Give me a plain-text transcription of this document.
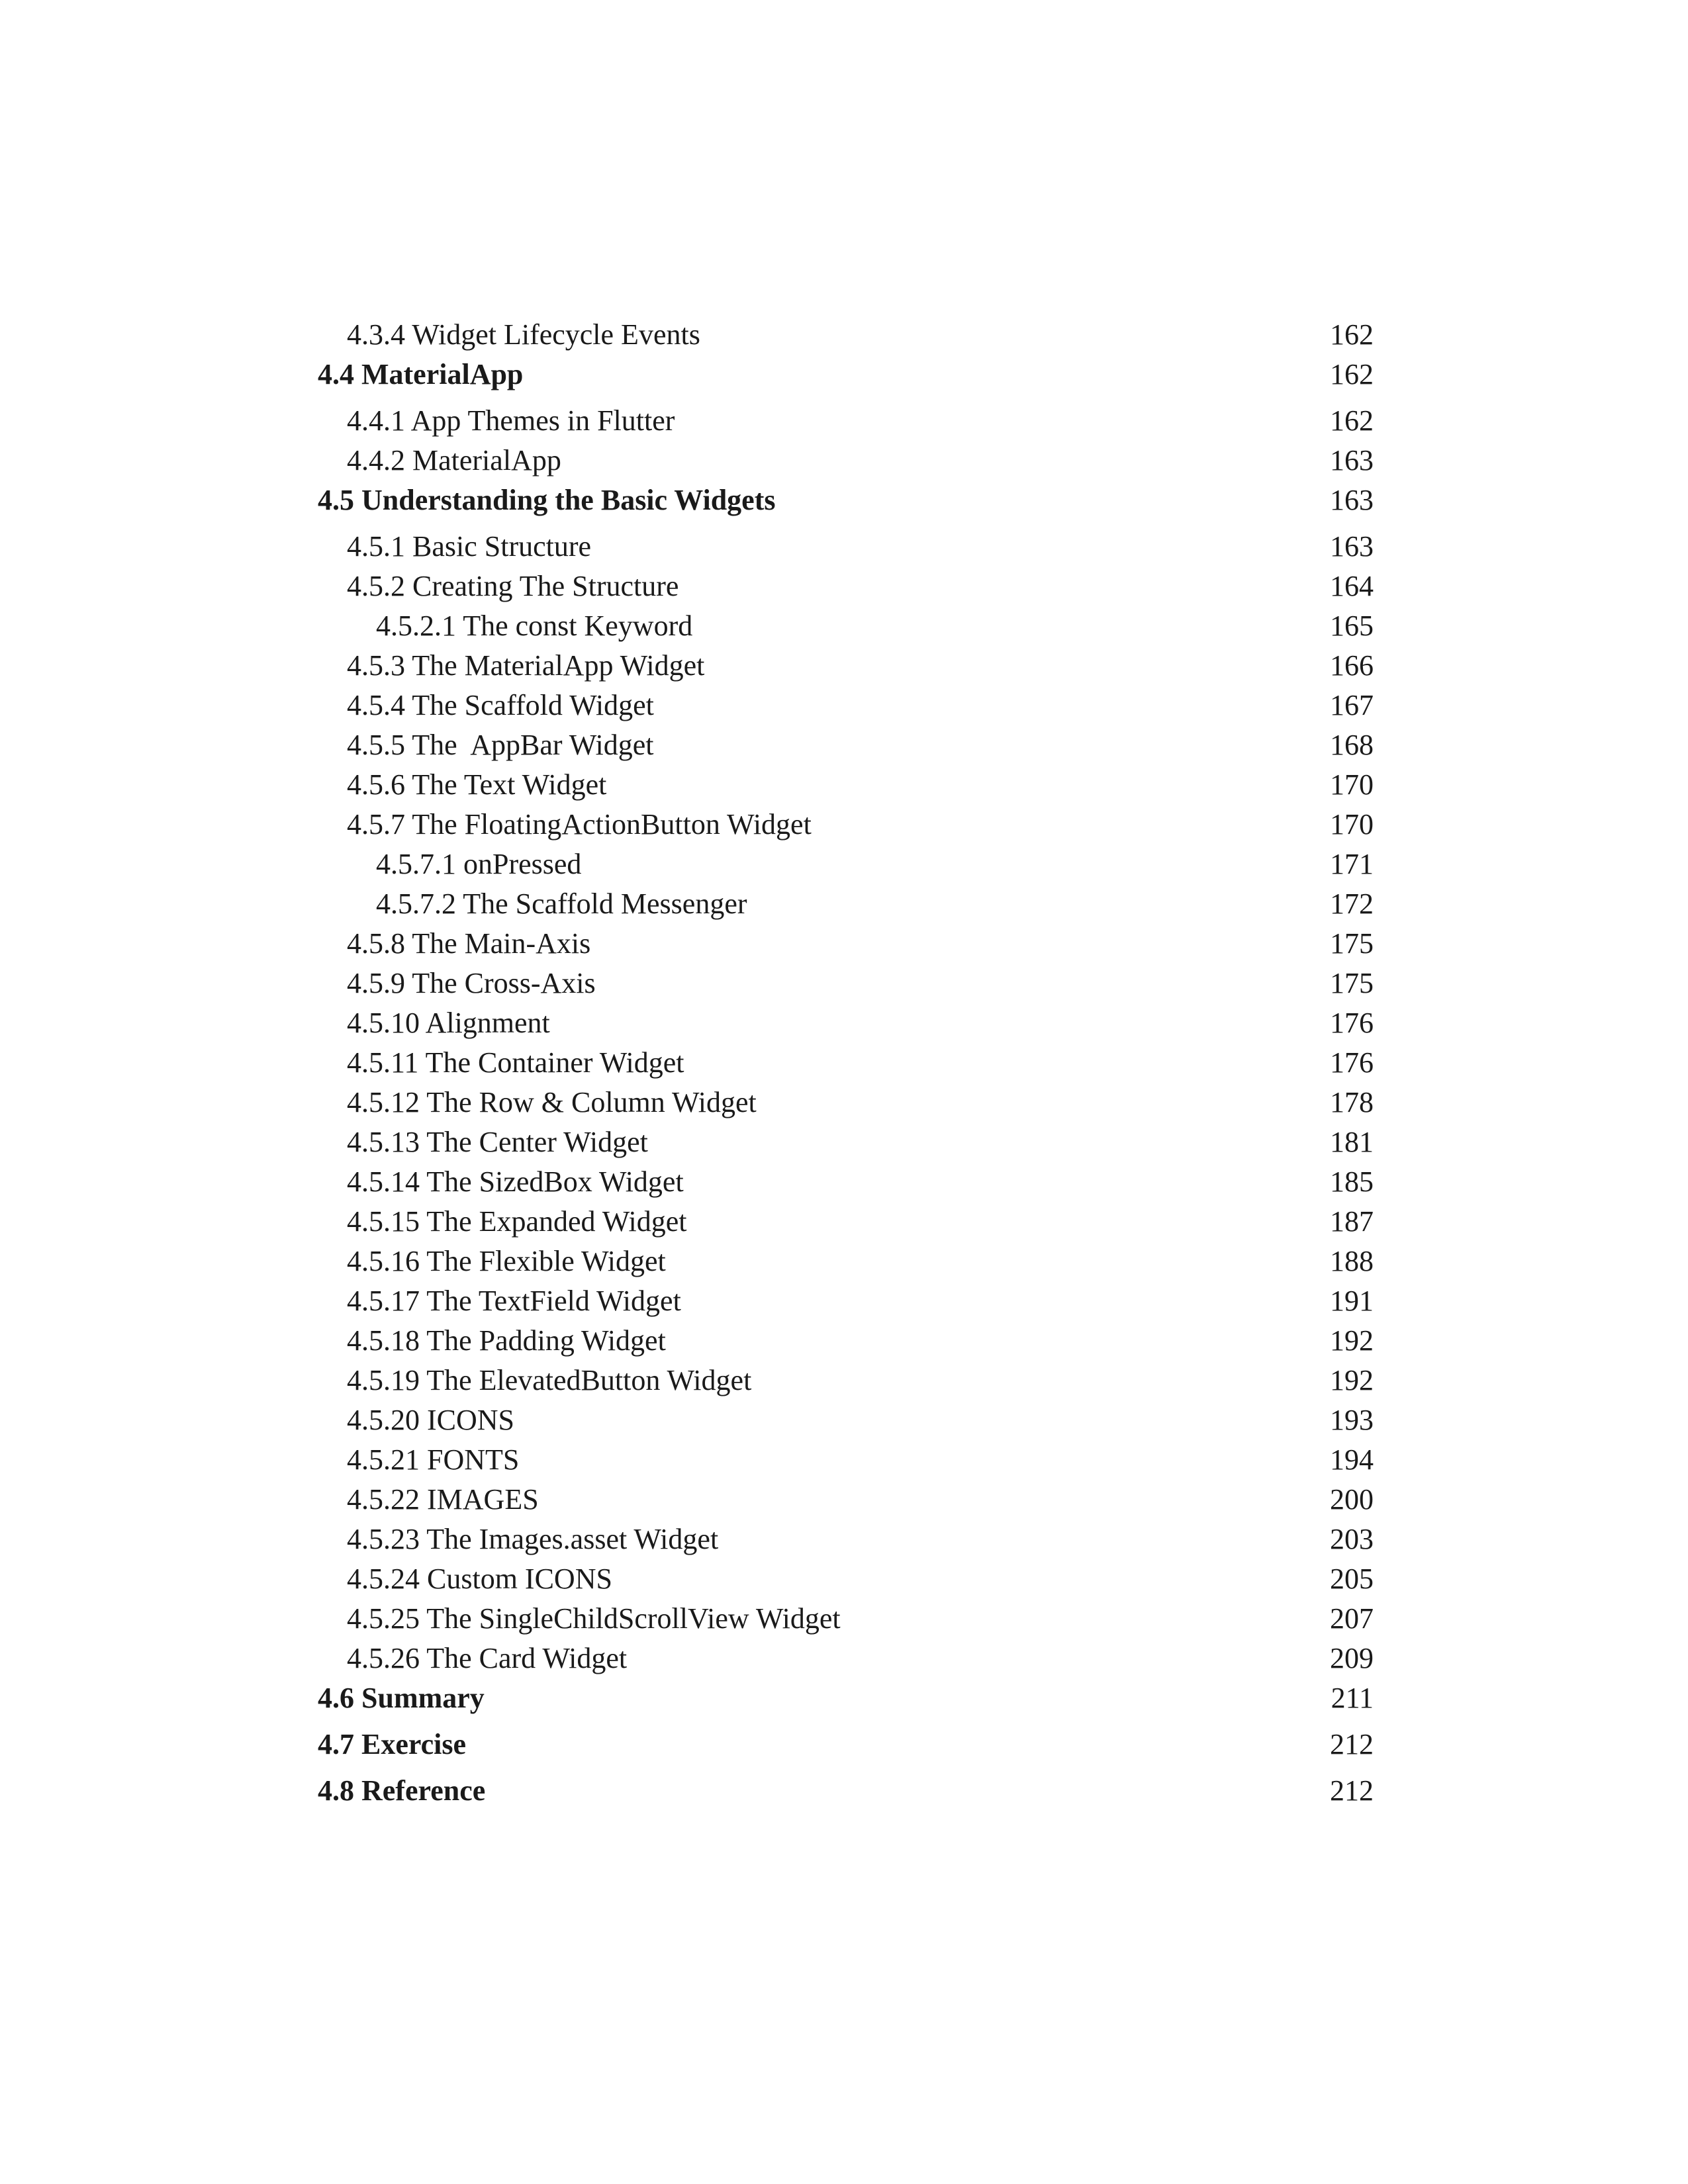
4.3.4 Widget Lifecycle Events	162
4.4 MaterialApp	162
4.4.1 App Themes in Flutter	162
4.4.2 MaterialApp	163
4.5 Understanding the Basic Widgets	163
4.5.1 Basic Structure	163
4.5.2 Creating The Structure	164
4.5.2.1 The const Keyword	165
4.5.3 The MaterialApp Widget	166
4.5.4 The Scaffold Widget	167
4.5.5 The  AppBar Widget	168
4.5.6 The Text Widget	170
4.5.7 The FloatingActionButton Widget	170
4.5.7.1 onPressed	171
4.5.7.2 The Scaffold Messenger	172
4.5.8 The Main-Axis	175
4.5.9 The Cross-Axis	175
4.5.10 Alignment	176
4.5.11 The Container Widget	176
4.5.12 The Row & Column Widget	178
4.5.13 The Center Widget	181
4.5.14 The SizedBox Widget	185
4.5.15 The Expanded Widget	187
4.5.16 The Flexible Widget	188
4.5.17 The TextField Widget	191
4.5.18 The Padding Widget	192
4.5.19 The ElevatedButton Widget	192
4.5.20 ICONS	193
4.5.21 FONTS	194
4.5.22 IMAGES	200
4.5.23 The Images.asset Widget	203
4.5.24 Custom ICONS	205
4.5.25 The SingleChildScrollView Widget	207
4.5.26 The Card Widget	209
4.6 Summary	211
4.7 Exercise	212
4.8 Reference	212
